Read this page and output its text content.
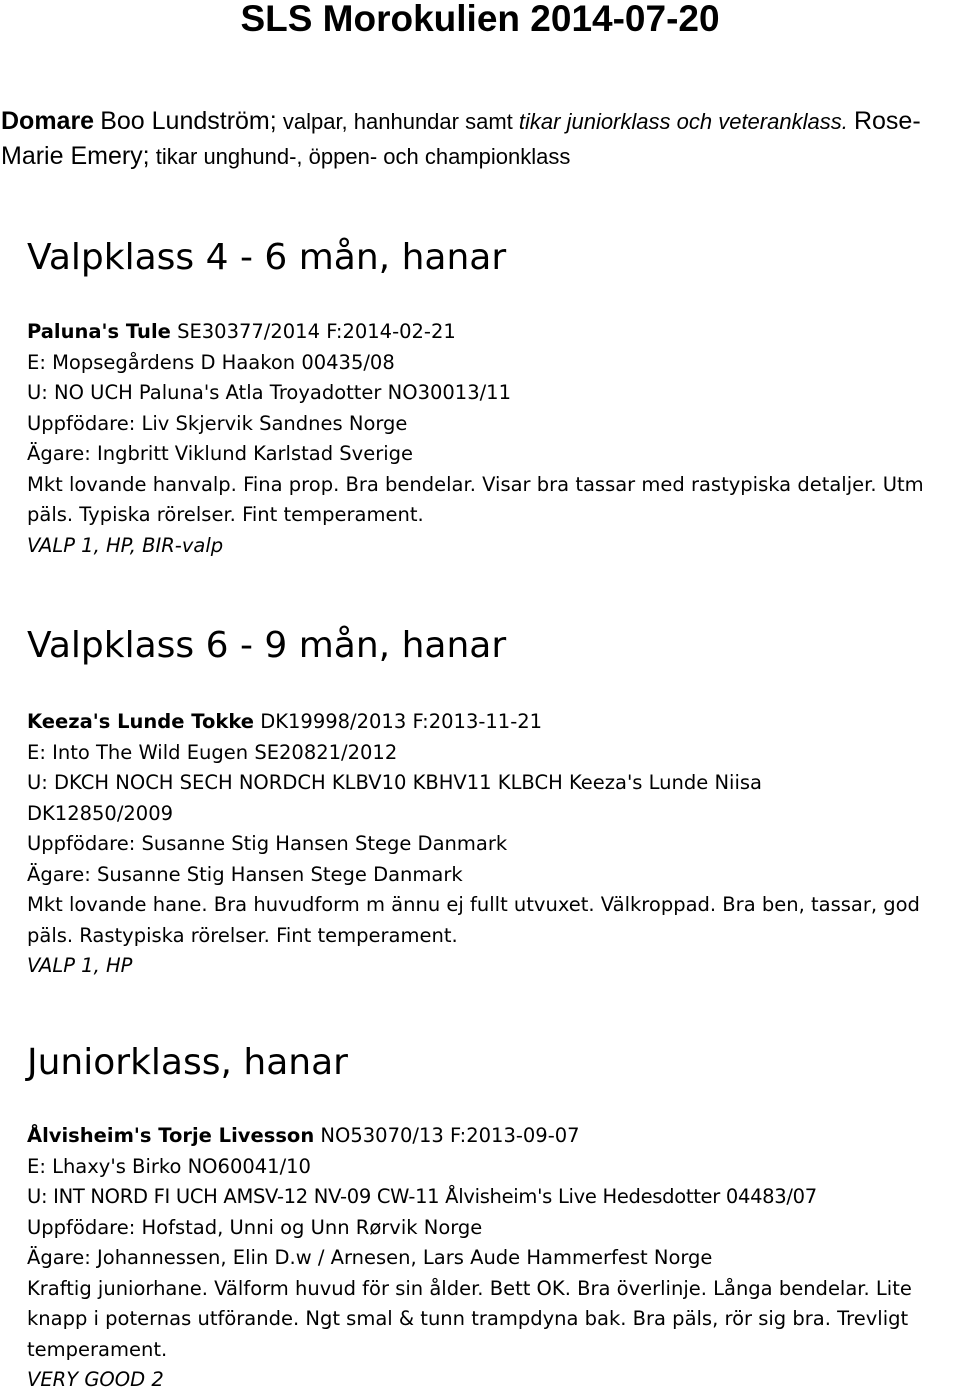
SLS Morokulien 2014-07-20

Domare Boo Lundström; valpar, hanhundar samt tikar juniorklass och veteranklass. Rose-Marie Emery; tikar unghund-, öppen- och championklass

Valpklass 4 - 6 mån, hanar
Paluna's Tule SE30377/2014 F:2014-02-21
E: Mopsegårdens D Haakon 00435/08
U: NO UCH Paluna's Atla Troyadotter NO30013/11
Uppfödare: Liv Skjervik Sandnes Norge
Ägare: Ingbritt Viklund Karlstad Sverige
Mkt lovande hanvalp. Fina prop. Bra bendelar. Visar bra tassar med rastypiska detaljer. Utm päls. Typiska rörelser. Fint temperament.
VALP 1, HP, BIR-valp
Valpklass 6 - 9 mån, hanar
Keeza's Lunde Tokke DK19998/2013 F:2013-11-21
E: Into The Wild Eugen SE20821/2012
U: DKCH NOCH SECH NORDCH KLBV10 KBHV11 KLBCH Keeza's Lunde Niisa DK12850/2009
Uppfödare: Susanne Stig Hansen Stege Danmark
Ägare: Susanne Stig Hansen Stege Danmark
Mkt lovande hane. Bra huvudform m ännu ej fullt utvuxet. Välkroppad. Bra ben, tassar, god päls. Rastypiska rörelser. Fint temperament.
VALP 1, HP
Juniorklass, hanar
Ålvisheim's Torje Livesson NO53070/13 F:2013-09-07
E: Lhaxy's Birko NO60041/10
U: INT NORD FI UCH AMSV-12 NV-09 CW-11 Ålvisheim's Live Hedesdotter 04483/07
Uppfödare: Hofstad, Unni og Unn Rørvik Norge
Ägare: Johannessen, Elin D.w / Arnesen, Lars Aude Hammerfest Norge
Kraftig juniorhane. Välform huvud för sin ålder. Bett OK. Bra överlinje. Långa bendelar. Lite knapp i poternas utförande. Ngt smal & tunn trampdyna bak. Bra päls, rör sig bra. Trevligt temperament.
VERY GOOD 2
